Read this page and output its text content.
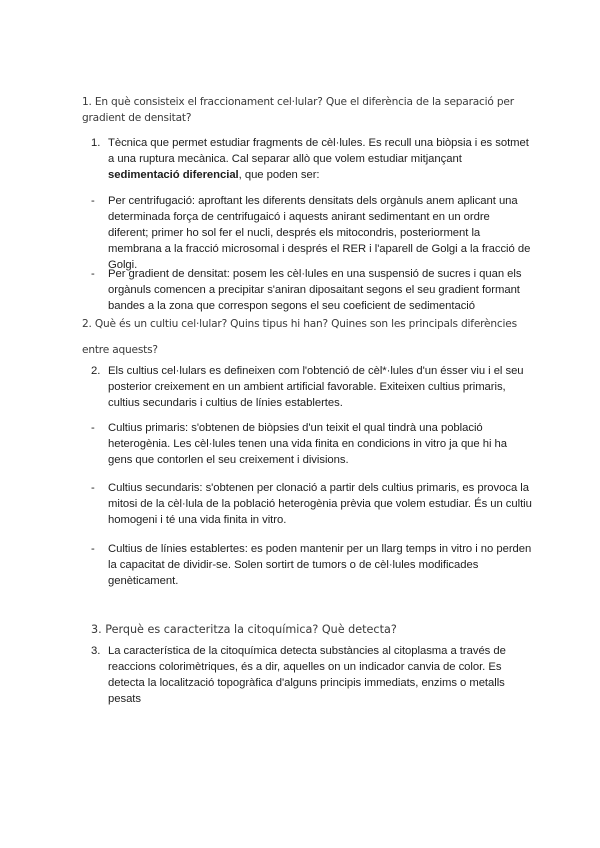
1. En què consisteix el fraccionament cel·lular? Que el diferència de la separació per gradient de densitat?
1. Tècnica que permet estudiar fragments de cèl·lules. Es recull una biòpsia i es sotmet a una ruptura mecànica. Cal separar allò que volem estudiar mitjançant sedimentació diferencial, que poden ser:
- Per centrifugació: aproftant les diferents densitats dels orgànuls anem aplicant una determinada força de centrifugaicó i aquests anirant sedimentant en un ordre diferent; primer ho sol fer el nucli, després els mitocondris, posteriorment la membrana a la fracció microsomal i després el RER i l'aparell de Golgi a la fracció de Golgi.
- Per gradient de densitat: posem les cèl·lules en una suspensió de sucres i quan els orgànuls comencen a precipitar s'aniran diposaitant segons el seu gradient formant bandes a la zona que correspon segons el seu coeficient de sedimentació
2. Què és un cultiu cel·lular? Quins tipus hi han? Quines son les principals diferències
entre aquests?
2. Els cultius cel·lulars es defineixen com l'obtenció de cèl*·lules d'un ésser viu i el seu posterior creixement en un ambient artificial favorable. Exiteixen cultius primaris, cultius secundaris i cultius de línies establertes.
- Cultius primaris: s'obtenen de biòpsies d'un teixit el qual tindrà una població heterogènia. Les cèl·lules tenen una vida finita en condicions in vitro ja que hi ha gens que contorlen el seu creixement i divisions.
- Cultius secundaris: s'obtenen per clonació a partir dels cultius primaris, es provoca la mitosi de la cèl·lula de la població heterogènia prèvia que volem estudiar. És un cultiu homogeni i té una vida finita in vitro.
- Cultius de línies establertes: es poden mantenir per un llarg temps in vitro i no perden la capacitat de dividir-se. Solen sortirt de tumors o de cèl·lules modificades genèticament.
3. Perquè es caracteritza la citoquímica? Què detecta?
3. La característica de la citoquímica detecta substàncies al citoplasma a través de reaccions colorimètriques, és a dir, aquelles on un indicador canvia de color. Es detecta la localització topogràfica d'alguns principis immediats, enzims o metalls pesats
